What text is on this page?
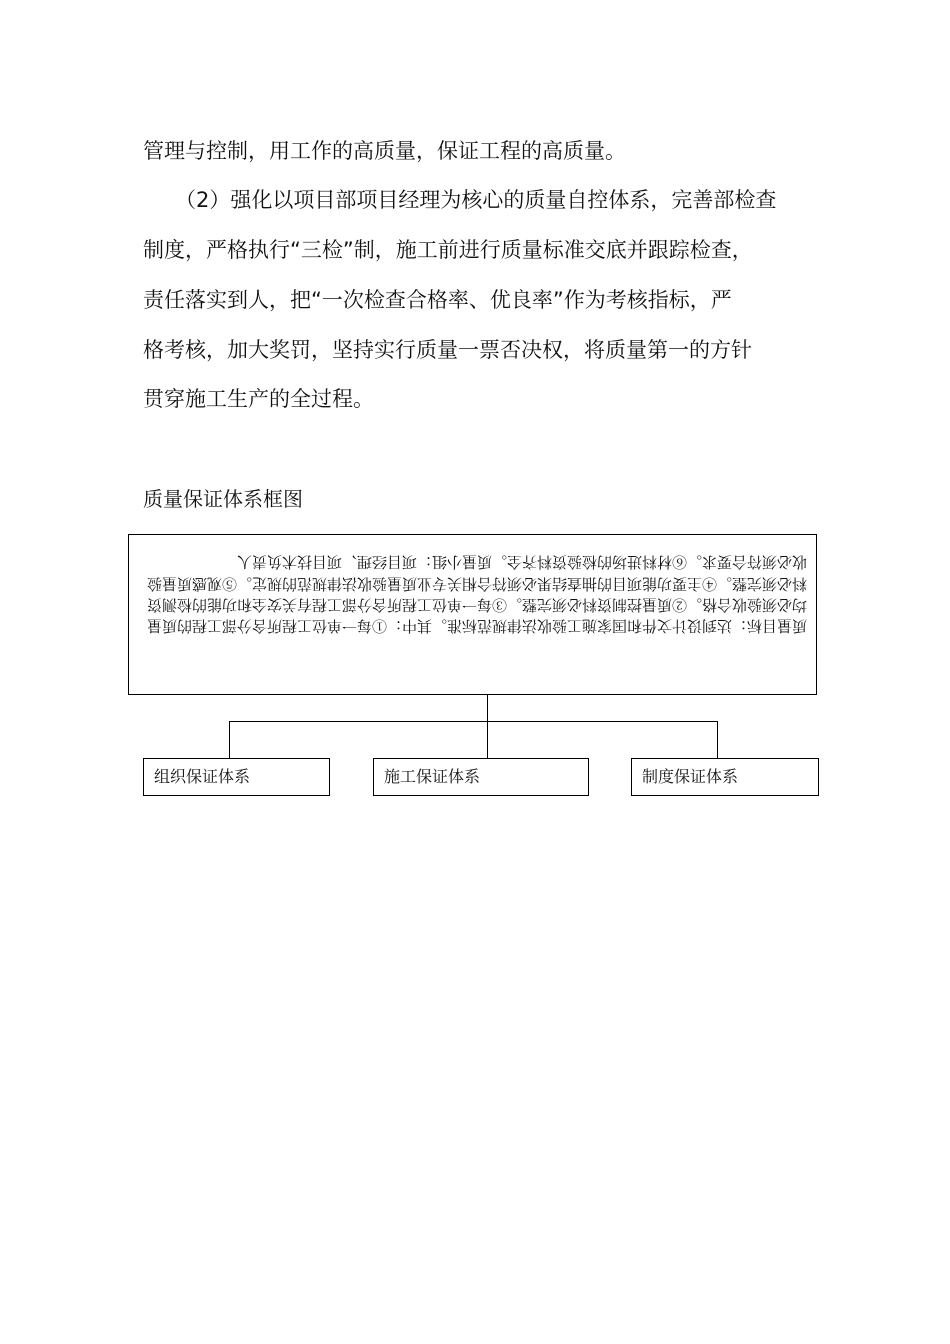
管理与控制，用工作的高质量，保证工程的高质量。

（2）强化以项目部项目经理为核心的质量自控体系，完善部检查

制度，严格执行“三检”制，施工前进行质量标准交底并跟踪检查，

责任落实到人，把“一次检查合格率、优良率”作为考核指标，严

格考核，加大奖罚，坚持实行质量一票否决权，将质量第一的方针

贯穿施工生产的全过程。

质量保证体系框图

质量目标：达到设计文件和国家施工验收法律规范标准。其中：①每一单位工程所含分部工程的质量均必须验收合格。②质量控制资料必须完整。③每一单位工程所含分部工程有关安全和功能的检测资料必须完整。④主要功能项目的抽查结果必须符合相关专业质量验收法律规范的规定。⑤观感质量验收必须符合要求。⑥材料进场的检验资料齐全。质量小组：项目经理、项目技术负责人

组织保证体系	施工保证体系	制度保证体系
